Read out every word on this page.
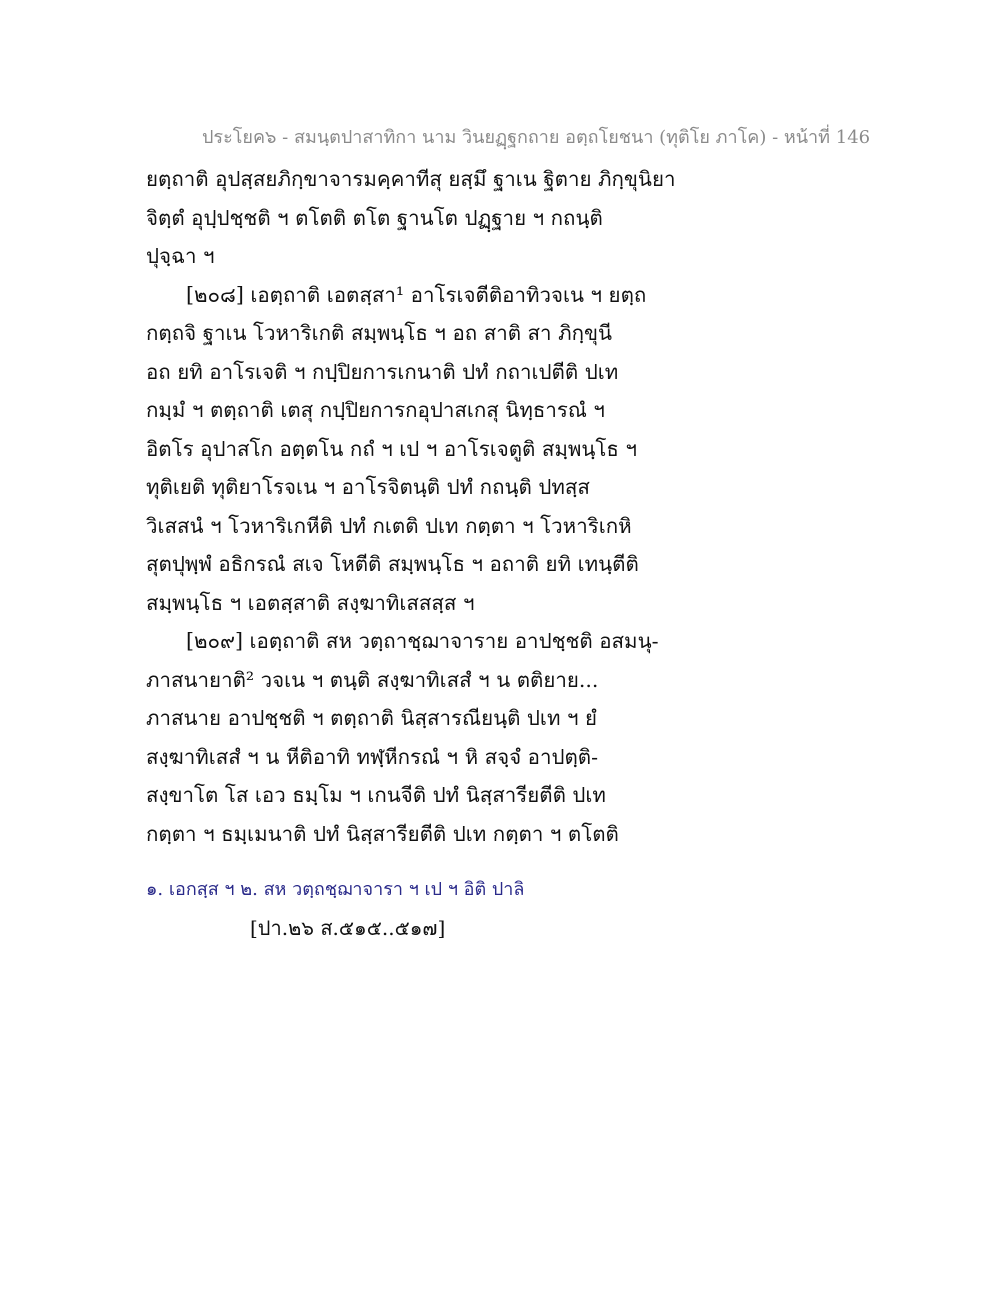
ประโยค๖ - สมนฺตปาสาทิกา นาม วินยฏฺฐกถาย อตฺถโยชนา (ทุติโย ภาโค) - หน้าที่ 146
ยตฺถาติ อุปสฺสยภิกฺขาจารมคฺคาทีสุ ยสฺมึ ฐาเน ฐิตาย ภิกฺขุนิยา
จิตฺตํ อุปฺปชฺชติ ฯ ตโตติ ตโต ฐานโต ปฏฺฐาย ฯ กถนฺติ
ปุจฺฉา ฯ
[๒๐๘] เอตฺถาติ เอตสฺสา¹ อาโรเจตีติอาทิวจเน ฯ ยตฺถ
กตฺถจิ ฐาเน โวหาริเกติ สมฺพนฺโธ ฯ อถ สาติ สา ภิกฺขุนี
อถ ยทิ อาโรเจติ ฯ กปฺปิยการเกนาติ ปทํ กถาเปตีติ ปเท
กมฺมํ ฯ ตตฺถาติ เตสุ กปฺปิยการกอุปาสเกสุ นิทฺธารณํ ฯ
อิตโร อุปาสโก อตฺตโน กถํ ฯ เป ฯ อาโรเจตูติ สมฺพนฺโธ ฯ
ทุติเยติ ทุติยาโรจเน ฯ อาโรจิตนฺติ ปทํ กถนฺติ ปทสฺส
วิเสสนํ ฯ โวหาริเกหีติ ปทํ กเตติ ปเท กตฺตา ฯ โวหาริเกหิ
สุตปุพฺพํ อธิกรณํ สเจ โหตีติ สมฺพนฺโธ ฯ อถาติ ยทิ เทนฺตีติ
สมฺพนฺโธ ฯ เอตสฺสาติ สงฺฆาทิเสสสฺส ฯ
[๒๐๙] เอตฺถาติ สห วตฺถาชฺฌาจาราย อาปชฺชติ อสมนุ-
ภาสนายาติ² วจเน ฯ ตนฺติ สงฺฆาทิเสสํ ฯ น ตติยาย...
ภาสนาย อาปชฺชติ ฯ ตตฺถาติ นิสฺสารณียนฺติ ปเท ฯ ยํ
สงฺฆาทิเสสํ ฯ น หีติอาทิ ทฬฺหีกรณํ ฯ หิ สจฺจํ อาปตฺติ-
สงฺขาโต โส เอว ธมฺโม ฯ เกนจีติ ปทํ นิสฺสารียตีติ ปเท
กตฺตา ฯ ธมฺเมนาติ ปทํ นิสฺสารียตีติ ปเท กตฺตา ฯ ตโตติ
๑. เอกสฺส ฯ ๒. สห วตฺถชฺฌาจารา ฯ เป ฯ อิติ ปาลิ
[ปา.๒๖ ส.๕๑๕..๕๑๗]
